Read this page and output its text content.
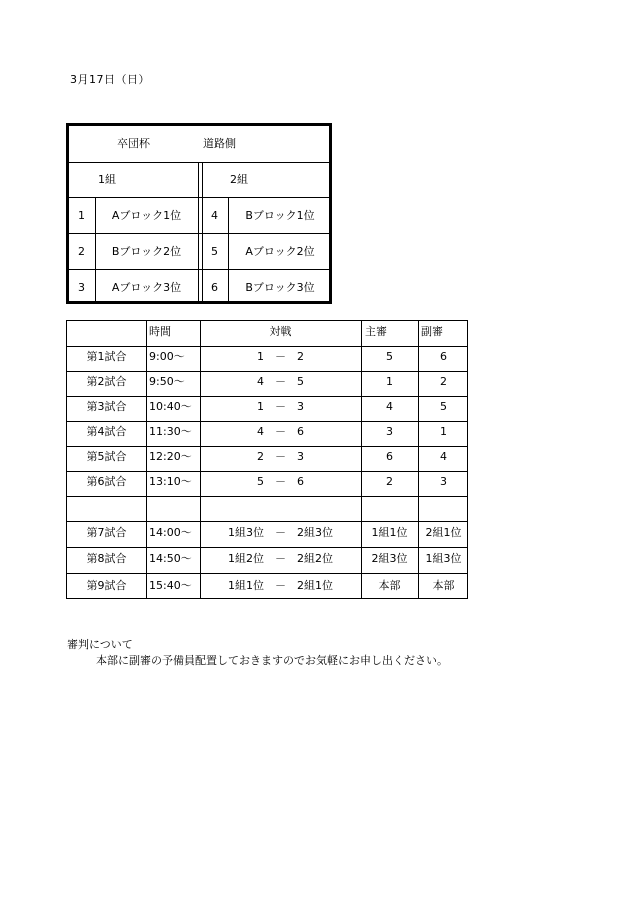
3月17日（日）
卒団杯	道路側
1組	2組
1	Aブロック1位	4	Bブロック1位
2	Bブロック2位	5	Aブロック2位
3	Aブロック3位	6	Bブロック3位
時間	対戦	主審	副審
第1試合	9:00〜	1　－　2	5	6
第2試合	9:50〜	4　－　5	1	2
第3試合	10:40〜	1　－　3	4	5
第4試合	11:30〜	4　－　6	3	1
第5試合	12:20〜	2　－　3	6	4
第6試合	13:10〜	5　－　6	2	3
第7試合	14:00〜	1組3位　－　2組3位	1組1位	2組1位
第8試合	14:50〜	1組2位　－　2組2位	2組3位	1組3位
第9試合	15:40〜	1組1位　－　2組1位	本部	本部
審判について
本部に副審の予備員配置しておきますのでお気軽にお申し出ください。
